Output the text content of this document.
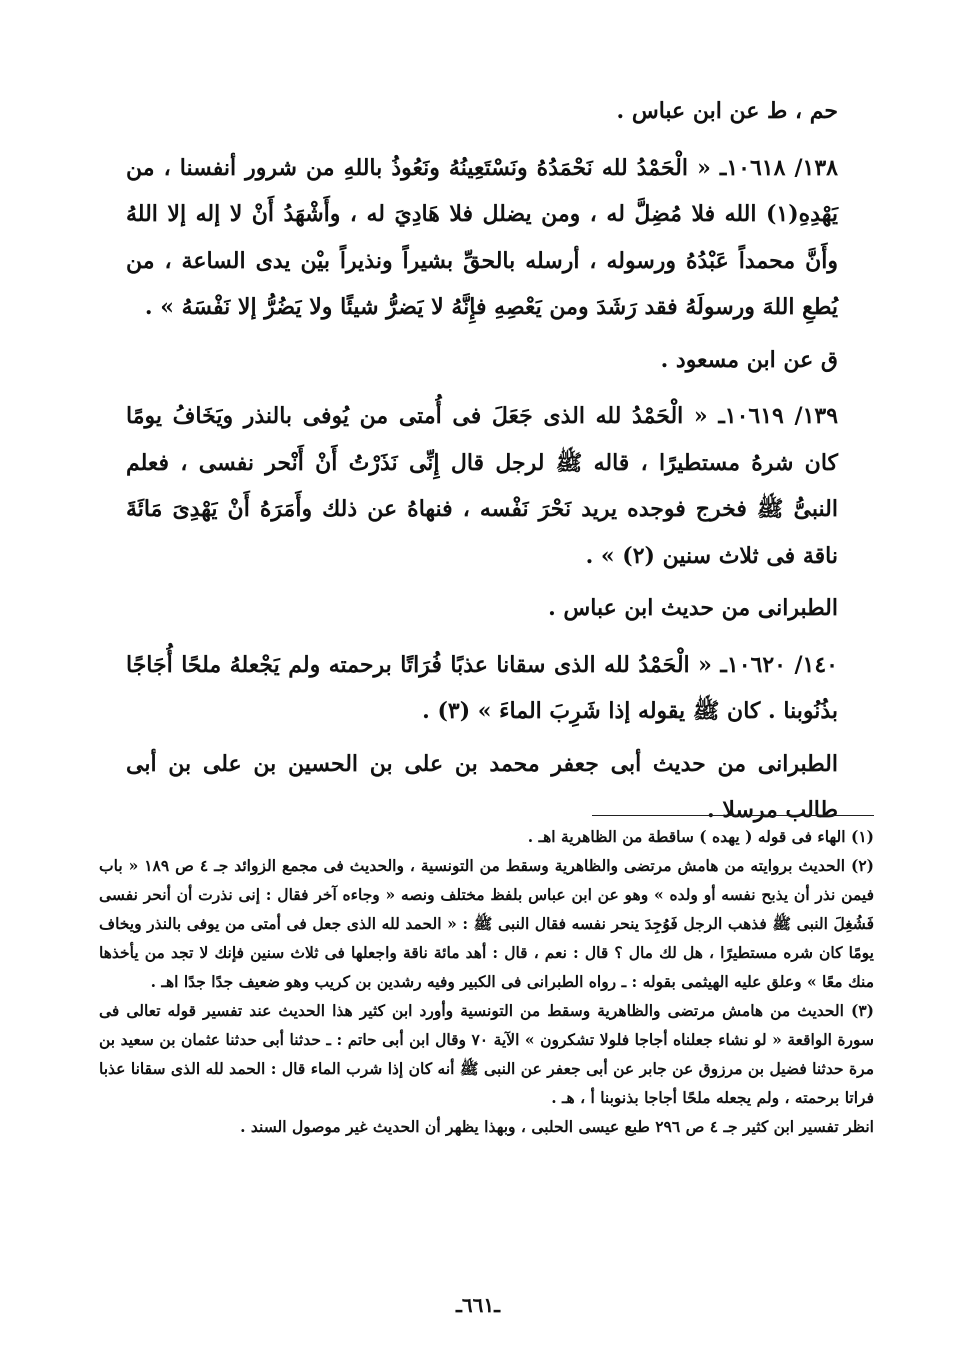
حم ، ط عن ابن عباس .

١٣٨/ ١٠٦١٨ـ « الْحَمْدُ لله نَحْمَدُهُ ونَسْتَعِينُهُ ونَعُوذُ باللهِ من شرور أنفسنا ، من يَهْدِهِ(١) الله فلا مُضِلَّ له ، ومن يضلل فلا هَادِيَ له ، وأَشْهَدُ أَنْ لا إله إلا اللهُ وأَنَّ محمداً عَبْدُهُ ورسوله ، أرسله بالحقِّ بشيراً ونذيراً بيْن يدى الساعة ، من يُطعِ اللهَ ورسولَهُ فقد رَشَدَ ومن يَعْصِهِ فإِنَّهُ لا يَضرُّ شيئًا ولا يَضُرُّ إلا نَفْسَهُ » .

ق عن ابن مسعود .

١٣٩/ ١٠٦١٩ـ « الْحَمْدُ لله الذى جَعَلَ فى أُمتى من يُوفى بالنذر ويَخَافُ يومًا كان شرهُ مستطيرًا ، قاله ﷺ لرجل قال إِنِّى نَذَرْتُ أَنْ أَنْحر نفسى ، فعلم النبىُّ ﷺ فخرج فوجده يريد نَحْرَ نَفْسه ، فنهاهُ عن ذلك وأَمَرَهُ أَنْ يَهْدِىَ مَائَةَ ناقة فى ثلاث سنين (٢) » .

الطبرانى من حديث ابن عباس .

١٤٠/ ١٠٦٢٠ـ « الْحَمْدُ لله الذى سقانا عذبًا فُرَاتًا برحمته ولم يَجْعلهُ ملحًا أُجَاجًا بذُنُوبنا . كان ﷺ يقوله إذا شَرِبَ الماءَ » (٣) .

الطبرانى من حديث أبى جعفر محمد بن على بن الحسين بن على بن أبى طالب مرسلا .

(١) الهاء فى قوله ( يهده ) ساقطة من الظاهرية اهـ .

(٢) الحديث بروايته من هامش مرتضى والظاهرية وسقط من التونسية ، والحديث فى مجمع الزوائد جـ ٤ ص ١٨٩ « باب فيمن نذر أن يذبح نفسه أو ولده » وهو عن ابن عباس بلفظ مختلف ونصه « وجاءه آخر فقال : إنى نذرت أن أنحر نفسى فَشُغِلَ النبى ﷺ فذهب الرجل فَوُجِدَ ينحر نفسه فقال النبى ﷺ : « الحمد لله الذى جعل فى أمتى من يوفى بالنذر ويخاف يومًا كان شره مستطيرًا ، هل لك مال ؟ قال : نعم ، قال : أهد مائة ناقة واجعلها فى ثلاث سنين فإنك لا تجد من يأخذها منك معًا » وعلق عليه الهيثمى بقوله : ـ رواه الطبرانى فى الكبير وفيه رشدين بن كريب وهو ضعيف جدًا جدًا اهـ .

(٣) الحديث من هامش مرتضى والظاهرية وسقط من التونسية وأورد ابن كثير هذا الحديث عند تفسير قوله تعالى فى سورة الواقعة « لو نشاء جعلناه أجاجا فلولا تشكرون » الآية ٧٠ وقال ابن أبى حاتم : ـ حدثنا أبى حدثنا عثمان بن سعيد بن مرة حدثنا فضيل بن مرزوق عن جابر عن أبى جعفر عن النبى ﷺ أنه كان إذا شرب الماء قال : الحمد لله الذى سقانا عذبا فراتا برحمته ، ولم يجعله ملحًا أجاجا بذنوبنا أ ، هـ .

انظر تفسير ابن كثير جـ ٤ ص ٢٩٦ طبع عيسى الحلبى ، وبهذا يظهر أن الحديث غير موصول السند .

ـ٦٦١ـ
